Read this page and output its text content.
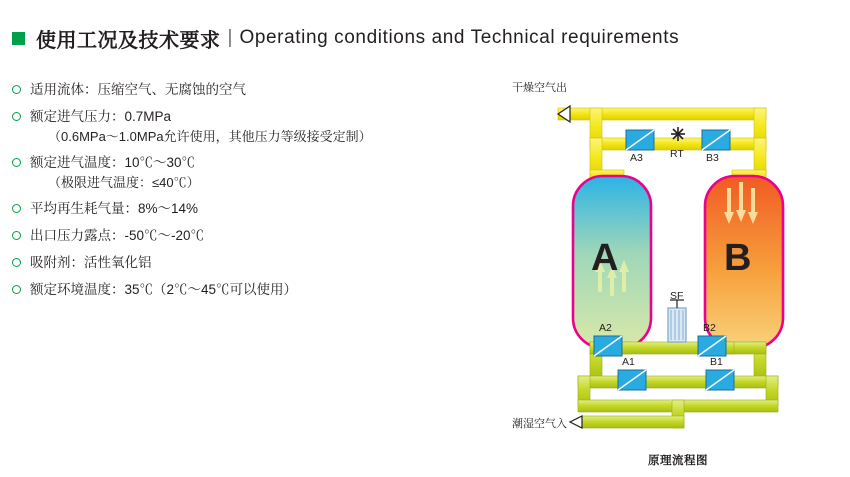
使用工况及技术要求 | Operating conditions and Technical requirements
适用流体：压缩空气、无腐蚀的空气
额定进气压力：0.7MPa
（0.6MPa～1.0MPa允许使用，其他压力等级接受定制）
额定进气温度：10℃～30℃
（极限进气温度：≤40℃）
平均再生耗气量：8%～14%
出口压力露点：-50℃～-20℃
吸附剂：活性氧化铝
额定环境温度：35℃（2℃～45℃可以使用）
A	B
A3	B3
A2	B2
A1	B1
RT
SF
干燥空气出
潮湿空气入
原理流程图
